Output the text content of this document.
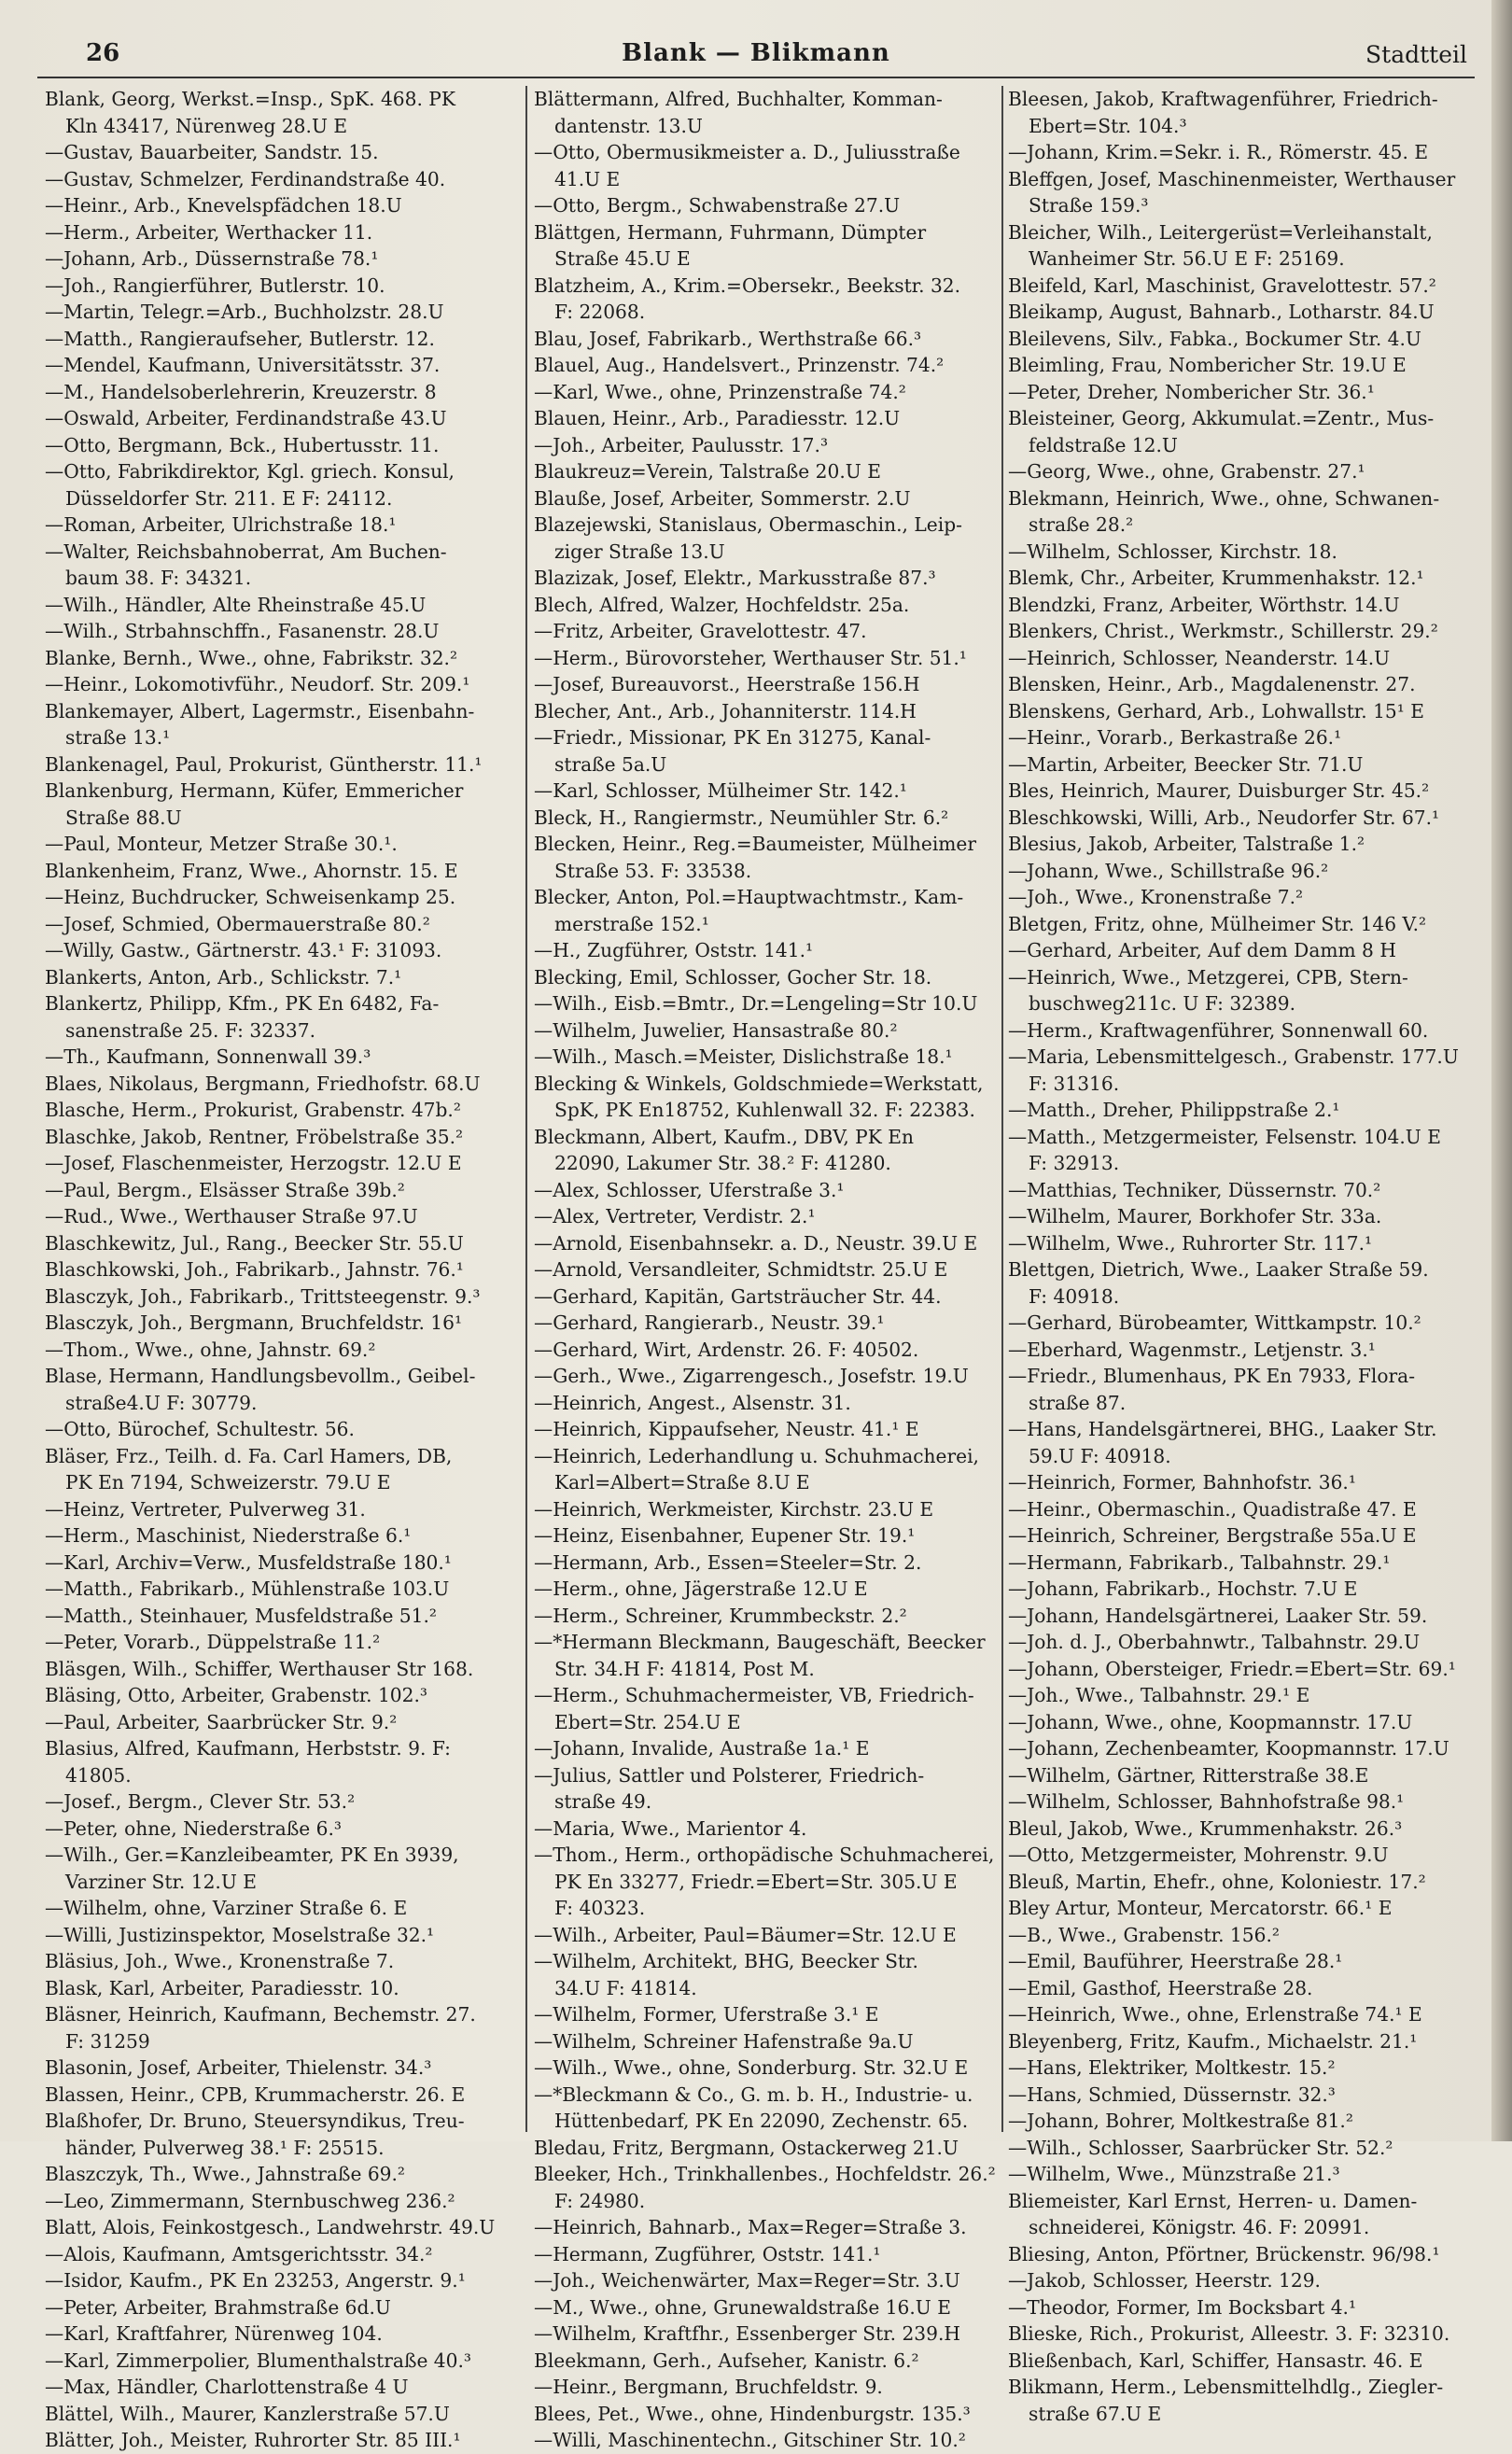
26	Blank — Blikmann	Stadtteil
Blank, Georg, Werkst.=Insp., SpK. 468. PK
Kln 43417, Nürenweg 28.U E
—Gustav, Bauarbeiter, Sandstr. 15.
—Gustav, Schmelzer, Ferdinandstraße 40.
—Heinr., Arb., Knevelspfädchen 18.U
—Herm., Arbeiter, Werthacker 11.
—Johann, Arb., Düssernstraße 78.¹
—Joh., Rangierführer, Butlerstr. 10.
—Martin, Telegr.=Arb., Buchholzstr. 28.U
—Matth., Rangieraufseher, Butlerstr. 12.
—Mendel, Kaufmann, Universitätsstr. 37.
—M., Handelsoberlehrerin, Kreuzerstr. 8
—Oswald, Arbeiter, Ferdinandstraße 43.U
—Otto, Bergmann, Bck., Hubertusstr. 11.
—Otto, Fabrikdirektor, Kgl. griech. Konsul,
Düsseldorfer Str. 211. E F: 24112.
—Roman, Arbeiter, Ulrichstraße 18.¹
—Walter, Reichsbahnoberrat, Am Buchen-
baum 38. F: 34321.
—Wilh., Händler, Alte Rheinstraße 45.U
—Wilh., Strbahnschffn., Fasanenstr. 28.U
Blanke, Bernh., Wwe., ohne, Fabrikstr. 32.²
—Heinr., Lokomotivführ., Neudorf. Str. 209.¹
Blankemayer, Albert, Lagermstr., Eisenbahn-
straße 13.¹
Blankenagel, Paul, Prokurist, Güntherstr. 11.¹
Blankenburg, Hermann, Küfer, Emmericher
Straße 88.U
—Paul, Monteur, Metzer Straße 30.¹.
Blankenheim, Franz, Wwe., Ahornstr. 15. E
—Heinz, Buchdrucker, Schweisenkamp 25.
—Josef, Schmied, Obermauerstraße 80.²
—Willy, Gastw., Gärtnerstr. 43.¹ F: 31093.
Blankerts, Anton, Arb., Schlickstr. 7.¹
Blankertz, Philipp, Kfm., PK En 6482, Fa-
sanenstraße 25. F: 32337.
—Th., Kaufmann, Sonnenwall 39.³
Blaes, Nikolaus, Bergmann, Friedhofstr. 68.U
Blasche, Herm., Prokurist, Grabenstr. 47b.²
Blaschke, Jakob, Rentner, Fröbelstraße 35.²
—Josef, Flaschenmeister, Herzogstr. 12.U E
—Paul, Bergm., Elsässer Straße 39b.²
—Rud., Wwe., Werthauser Straße 97.U
Blaschkewitz, Jul., Rang., Beecker Str. 55.U
Blaschkowski, Joh., Fabrikarb., Jahnstr. 76.¹
Blasczyk, Joh., Fabrikarb., Trittsteegenstr. 9.³
Blasczyk, Joh., Bergmann, Bruchfeldstr. 16¹
—Thom., Wwe., ohne, Jahnstr. 69.²
Blase, Hermann, Handlungsbevollm., Geibel-
straße4.U F: 30779.
—Otto, Bürochef, Schultestr. 56.
Bläser, Frz., Teilh. d. Fa. Carl Hamers, DB,
PK En 7194, Schweizerstr. 79.U E
—Heinz, Vertreter, Pulverweg 31.
—Herm., Maschinist, Niederstraße 6.¹
—Karl, Archiv=Verw., Musfeldstraße 180.¹
—Matth., Fabrikarb., Mühlenstraße 103.U
—Matth., Steinhauer, Musfeldstraße 51.²
—Peter, Vorarb., Düppelstraße 11.²
Bläsgen, Wilh., Schiffer, Werthauser Str 168.
Bläsing, Otto, Arbeiter, Grabenstr. 102.³
—Paul, Arbeiter, Saarbrücker Str. 9.²
Blasius, Alfred, Kaufmann, Herbststr. 9. F:
41805.
—Josef., Bergm., Clever Str. 53.²
—Peter, ohne, Niederstraße 6.³
—Wilh., Ger.=Kanzleibeamter, PK En 3939,
Varziner Str. 12.U E
—Wilhelm, ohne, Varziner Straße 6. E
—Willi, Justizinspektor, Moselstraße 32.¹
Bläsius, Joh., Wwe., Kronenstraße 7.
Blask, Karl, Arbeiter, Paradiesstr. 10.
Bläsner, Heinrich, Kaufmann, Bechemstr. 27.
F: 31259
Blasonin, Josef, Arbeiter, Thielenstr. 34.³
Blassen, Heinr., CPB, Krummacherstr. 26. E
Blaßhofer, Dr. Bruno, Steuersyndikus, Treu-
händer, Pulverweg 38.¹ F: 25515.
Blaszczyk, Th., Wwe., Jahnstraße 69.²
—Leo, Zimmermann, Sternbuschweg 236.²
Blatt, Alois, Feinkostgesch., Landwehrstr. 49.U
—Alois, Kaufmann, Amtsgerichtsstr. 34.²
—Isidor, Kaufm., PK En 23253, Angerstr. 9.¹
—Peter, Arbeiter, Brahmstraße 6d.U
—Karl, Kraftfahrer, Nürenweg 104.
—Karl, Zimmerpolier, Blumenthalstraße 40.³
—Max, Händler, Charlottenstraße 4 U
Blättel, Wilh., Maurer, Kanzlerstraße 57.U
Blätter, Joh., Meister, Ruhrorter Str. 85 III.¹
Blättermann, Alfred, Buchhalter, Komman-
dantenstr. 13.U
—Otto, Obermusikmeister a. D., Juliusstraße
41.U E
—Otto, Bergm., Schwabenstraße 27.U
Blättgen, Hermann, Fuhrmann, Dümpter
Straße 45.U E
Blatzheim, A., Krim.=Obersekr., Beekstr. 32.
F: 22068.
Blau, Josef, Fabrikarb., Werthstraße 66.³
Blauel, Aug., Handelsvert., Prinzenstr. 74.²
—Karl, Wwe., ohne, Prinzenstraße 74.²
Blauen, Heinr., Arb., Paradiesstr. 12.U
—Joh., Arbeiter, Paulusstr. 17.³
Blaukreuz=Verein, Talstraße 20.U E
Blauße, Josef, Arbeiter, Sommerstr. 2.U
Blazejewski, Stanislaus, Obermaschin., Leip-
ziger Straße 13.U
Blazizak, Josef, Elektr., Markusstraße 87.³
Blech, Alfred, Walzer, Hochfeldstr. 25a.
—Fritz, Arbeiter, Gravelottestr. 47.
—Herm., Bürovorsteher, Werthauser Str. 51.¹
—Josef, Bureauvorst., Heerstraße 156.H
Blecher, Ant., Arb., Johanniterstr. 114.H
—Friedr., Missionar, PK En 31275, Kanal-
straße 5a.U
—Karl, Schlosser, Mülheimer Str. 142.¹
Bleck, H., Rangiermstr., Neumühler Str. 6.²
Blecken, Heinr., Reg.=Baumeister, Mülheimer
Straße 53. F: 33538.
Blecker, Anton, Pol.=Hauptwachtmstr., Kam-
merstraße 152.¹
—H., Zugführer, Oststr. 141.¹
Blecking, Emil, Schlosser, Gocher Str. 18.
—Wilh., Eisb.=Bmtr., Dr.=Lengeling=Str 10.U
—Wilhelm, Juwelier, Hansastraße 80.²
—Wilh., Masch.=Meister, Dislichstraße 18.¹
Blecking & Winkels, Goldschmiede=Werkstatt,
SpK, PK En18752, Kuhlenwall 32. F: 22383.
Bleckmann, Albert, Kaufm., DBV, PK En
22090, Lakumer Str. 38.² F: 41280.
—Alex, Schlosser, Uferstraße 3.¹
—Alex, Vertreter, Verdistr. 2.¹
—Arnold, Eisenbahnsekr. a. D., Neustr. 39.U E
—Arnold, Versandleiter, Schmidtstr. 25.U E
—Gerhard, Kapitän, Gartsträucher Str. 44.
—Gerhard, Rangierarb., Neustr. 39.¹
—Gerhard, Wirt, Ardenstr. 26. F: 40502.
—Gerh., Wwe., Zigarrengesch., Josefstr. 19.U
—Heinrich, Angest., Alsenstr. 31.
—Heinrich, Kippaufseher, Neustr. 41.¹ E
—Heinrich, Lederhandlung u. Schuhmacherei,
Karl=Albert=Straße 8.U E
—Heinrich, Werkmeister, Kirchstr. 23.U E
—Heinz, Eisenbahner, Eupener Str. 19.¹
—Hermann, Arb., Essen=Steeler=Str. 2.
—Herm., ohne, Jägerstraße 12.U E
—Herm., Schreiner, Krummbeckstr. 2.²
—*Hermann Bleckmann, Baugeschäft, Beecker
Str. 34.H F: 41814, Post M.
—Herm., Schuhmachermeister, VB, Friedrich-
Ebert=Str. 254.U E
—Johann, Invalide, Austraße 1a.¹ E
—Julius, Sattler und Polsterer, Friedrich-
straße 49.
—Maria, Wwe., Marientor 4.
—Thom., Herm., orthopädische Schuhmacherei,
PK En 33277, Friedr.=Ebert=Str. 305.U E
F: 40323.
—Wilh., Arbeiter, Paul=Bäumer=Str. 12.U E
—Wilhelm, Architekt, BHG, Beecker Str.
34.U F: 41814.
—Wilhelm, Former, Uferstraße 3.¹ E
—Wilhelm, Schreiner Hafenstraße 9a.U
—Wilh., Wwe., ohne, Sonderburg. Str. 32.U E
—*Bleckmann & Co., G. m. b. H., Industrie- u.
Hüttenbedarf, PK En 22090, Zechenstr. 65.
Bledau, Fritz, Bergmann, Ostackerweg 21.U
Bleeker, Hch., Trinkhallenbes., Hochfeldstr. 26.²
F: 24980.
—Heinrich, Bahnarb., Max=Reger=Straße 3.
—Hermann, Zugführer, Oststr. 141.¹
—Joh., Weichenwärter, Max=Reger=Str. 3.U
—M., Wwe., ohne, Grunewaldstraße 16.U E
—Wilhelm, Kraftfhr., Essenberger Str. 239.H
Bleekmann, Gerh., Aufseher, Kanistr. 6.²
—Heinr., Bergmann, Bruchfeldstr. 9.
Blees, Pet., Wwe., ohne, Hindenburgstr. 135.³
—Willi, Maschinentechn., Gitschiner Str. 10.²
Bleesen, Jakob, Kraftwagenführer, Friedrich-
Ebert=Str. 104.³
—Johann, Krim.=Sekr. i. R., Römerstr. 45. E
Bleffgen, Josef, Maschinenmeister, Werthauser
Straße 159.³
Bleicher, Wilh., Leitergerüst=Verleihanstalt,
Wanheimer Str. 56.U E F: 25169.
Bleifeld, Karl, Maschinist, Gravelottestr. 57.²
Bleikamp, August, Bahnarb., Lotharstr. 84.U
Bleilevens, Silv., Fabka., Bockumer Str. 4.U
Bleimling, Frau, Nombericher Str. 19.U E
—Peter, Dreher, Nombericher Str. 36.¹
Bleisteiner, Georg, Akkumulat.=Zentr., Mus-
feldstraße 12.U
—Georg, Wwe., ohne, Grabenstr. 27.¹
Blekmann, Heinrich, Wwe., ohne, Schwanen-
straße 28.²
—Wilhelm, Schlosser, Kirchstr. 18.
Blemk, Chr., Arbeiter, Krummenhakstr. 12.¹
Blendzki, Franz, Arbeiter, Wörthstr. 14.U
Blenkers, Christ., Werkmstr., Schillerstr. 29.²
—Heinrich, Schlosser, Neanderstr. 14.U
Blensken, Heinr., Arb., Magdalenenstr. 27.
Blenskens, Gerhard, Arb., Lohwallstr. 15¹ E
—Heinr., Vorarb., Berkastraße 26.¹
—Martin, Arbeiter, Beecker Str. 71.U
Bles, Heinrich, Maurer, Duisburger Str. 45.²
Bleschkowski, Willi, Arb., Neudorfer Str. 67.¹
Blesius, Jakob, Arbeiter, Talstraße 1.²
—Johann, Wwe., Schillstraße 96.²
—Joh., Wwe., Kronenstraße 7.²
Bletgen, Fritz, ohne, Mülheimer Str. 146 V.²
—Gerhard, Arbeiter, Auf dem Damm 8 H
—Heinrich, Wwe., Metzgerei, CPB, Stern-
buschweg211c. U F: 32389.
—Herm., Kraftwagenführer, Sonnenwall 60.
—Maria, Lebensmittelgesch., Grabenstr. 177.U
F: 31316.
—Matth., Dreher, Philippstraße 2.¹
—Matth., Metzgermeister, Felsenstr. 104.U E
F: 32913.
—Matthias, Techniker, Düssernstr. 70.²
—Wilhelm, Maurer, Borkhofer Str. 33a.
—Wilhelm, Wwe., Ruhrorter Str. 117.¹
Blettgen, Dietrich, Wwe., Laaker Straße 59.
F: 40918.
—Gerhard, Bürobeamter, Wittkampstr. 10.²
—Eberhard, Wagenmstr., Letjenstr. 3.¹
—Friedr., Blumenhaus, PK En 7933, Flora-
straße 87.
—Hans, Handelsgärtnerei, BHG., Laaker Str.
59.U F: 40918.
—Heinrich, Former, Bahnhofstr. 36.¹
—Heinr., Obermaschin., Quadistraße 47. E
—Heinrich, Schreiner, Bergstraße 55a.U E
—Hermann, Fabrikarb., Talbahnstr. 29.¹
—Johann, Fabrikarb., Hochstr. 7.U E
—Johann, Handelsgärtnerei, Laaker Str. 59.
—Joh. d. J., Oberbahnwtr., Talbahnstr. 29.U
—Johann, Obersteiger, Friedr.=Ebert=Str. 69.¹
—Joh., Wwe., Talbahnstr. 29.¹ E
—Johann, Wwe., ohne, Koopmannstr. 17.U
—Johann, Zechenbeamter, Koopmannstr. 17.U
—Wilhelm, Gärtner, Ritterstraße 38.E
—Wilhelm, Schlosser, Bahnhofstraße 98.¹
Bleul, Jakob, Wwe., Krummenhakstr. 26.³
—Otto, Metzgermeister, Mohrenstr. 9.U
Bleuß, Martin, Ehefr., ohne, Koloniestr. 17.²
Bley Artur, Monteur, Mercatorstr. 66.¹ E
—B., Wwe., Grabenstr. 156.²
—Emil, Bauführer, Heerstraße 28.¹
—Emil, Gasthof, Heerstraße 28.
—Heinrich, Wwe., ohne, Erlenstraße 74.¹ E
Bleyenberg, Fritz, Kaufm., Michaelstr. 21.¹
—Hans, Elektriker, Moltkestr. 15.²
—Hans, Schmied, Düssernstr. 32.³
—Johann, Bohrer, Moltkestraße 81.²
—Wilh., Schlosser, Saarbrücker Str. 52.²
—Wilhelm, Wwe., Münzstraße 21.³
Bliemeister, Karl Ernst, Herren- u. Damen-
schneiderei, Königstr. 46. F: 20991.
Bliesing, Anton, Pförtner, Brückenstr. 96/98.¹
—Jakob, Schlosser, Heerstr. 129.
—Theodor, Former, Im Bocksbart 4.¹
Blieske, Rich., Prokurist, Alleestr. 3. F: 32310.
Bließenbach, Karl, Schiffer, Hansastr. 46. E
Blikmann, Herm., Lebensmittelhdlg., Ziegler-
straße 67.U E
